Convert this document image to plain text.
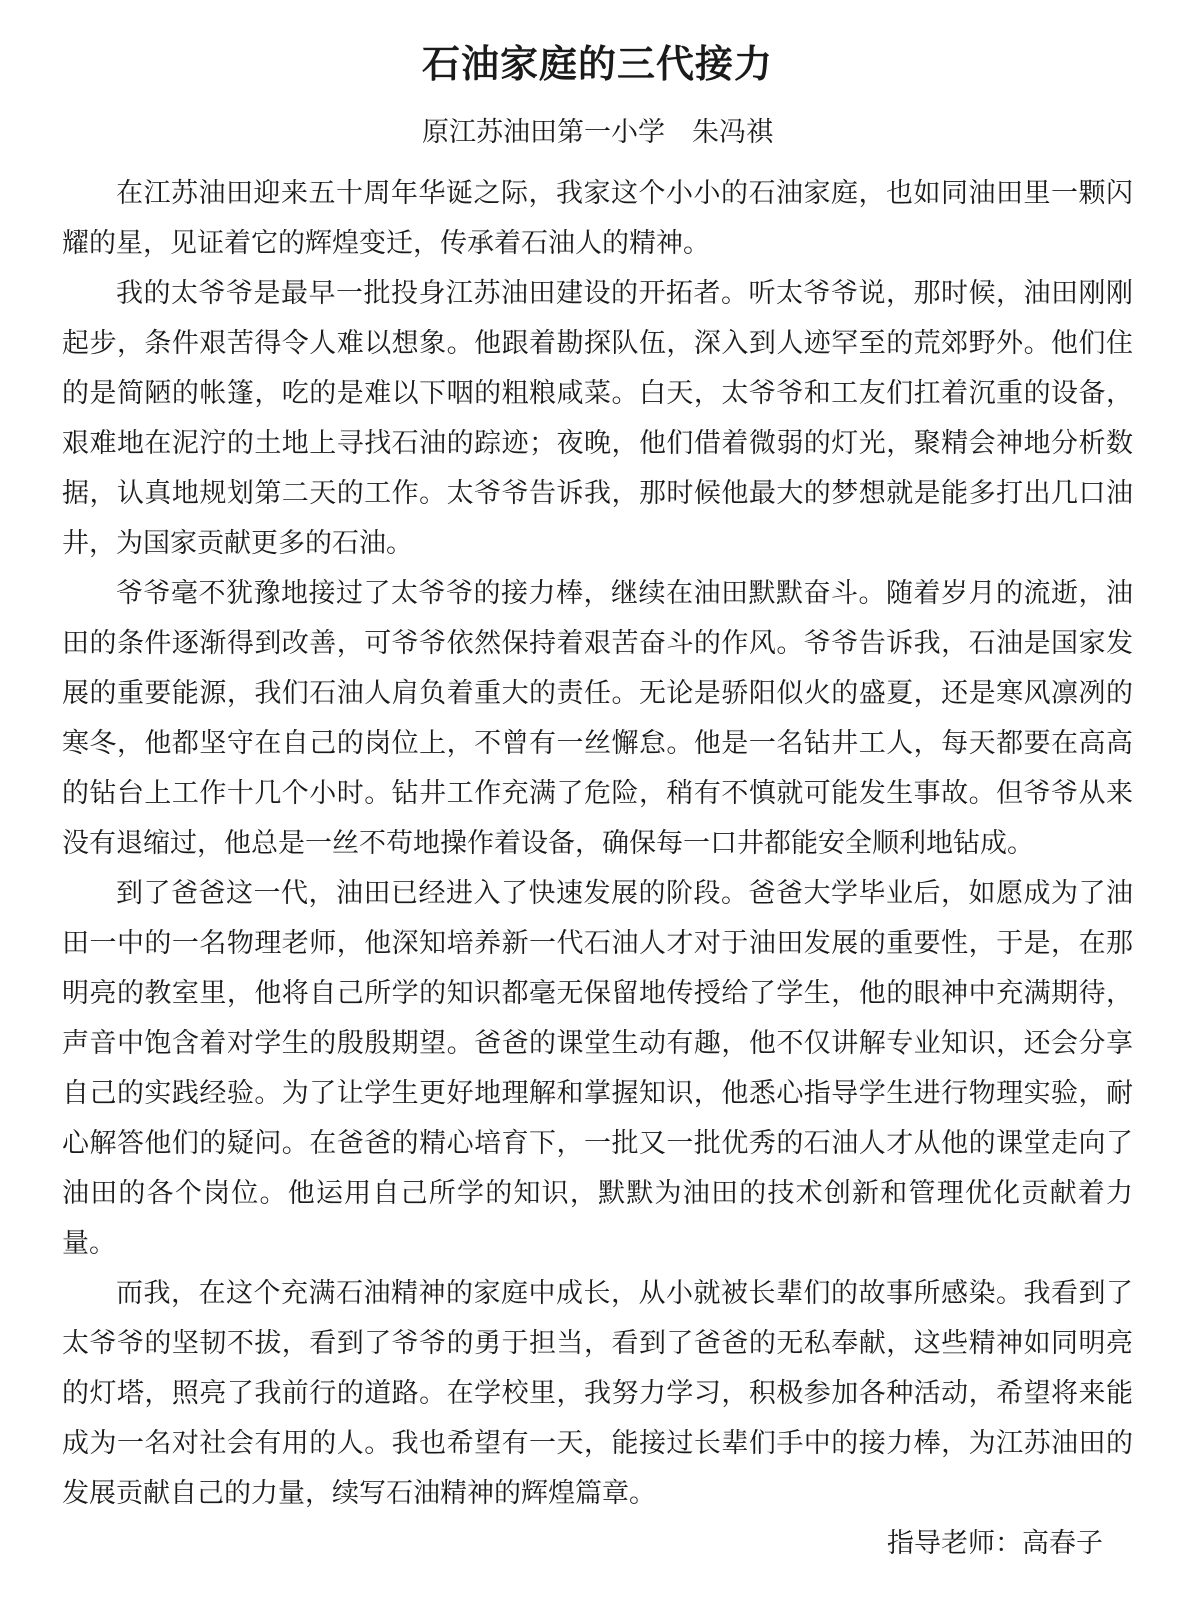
石油家庭的三代接力
原江苏油田第一小学　朱冯祺

在江苏油田迎来五十周年华诞之际，我家这个小小的石油家庭，也如同油田里一颗闪耀的星，见证着它的辉煌变迁，传承着石油人的精神。

我的太爷爷是最早一批投身江苏油田建设的开拓者。听太爷爷说，那时候，油田刚刚起步，条件艰苦得令人难以想象。他跟着勘探队伍，深入到人迹罕至的荒郊野外。他们住的是简陋的帐篷，吃的是难以下咽的粗粮咸菜。白天，太爷爷和工友们扛着沉重的设备，艰难地在泥泞的土地上寻找石油的踪迹；夜晚，他们借着微弱的灯光，聚精会神地分析数据，认真地规划第二天的工作。太爷爷告诉我，那时候他最大的梦想就是能多打出几口油井，为国家贡献更多的石油。

爷爷毫不犹豫地接过了太爷爷的接力棒，继续在油田默默奋斗。随着岁月的流逝，油田的条件逐渐得到改善，可爷爷依然保持着艰苦奋斗的作风。爷爷告诉我，石油是国家发展的重要能源，我们石油人肩负着重大的责任。无论是骄阳似火的盛夏，还是寒风凛冽的寒冬，他都坚守在自己的岗位上，不曾有一丝懈怠。他是一名钻井工人，每天都要在高高的钻台上工作十几个小时。钻井工作充满了危险，稍有不慎就可能发生事故。但爷爷从来没有退缩过，他总是一丝不苟地操作着设备，确保每一口井都能安全顺利地钻成。

到了爸爸这一代，油田已经进入了快速发展的阶段。爸爸大学毕业后，如愿成为了油田一中的一名物理老师，他深知培养新一代石油人才对于油田发展的重要性，于是，在那明亮的教室里，他将自己所学的知识都毫无保留地传授给了学生，他的眼神中充满期待，声音中饱含着对学生的殷殷期望。爸爸的课堂生动有趣，他不仅讲解专业知识，还会分享自己的实践经验。为了让学生更好地理解和掌握知识，他悉心指导学生进行物理实验，耐心解答他们的疑问。在爸爸的精心培育下，一批又一批优秀的石油人才从他的课堂走向了油田的各个岗位。他运用自己所学的知识，默默为油田的技术创新和管理优化贡献着力量。

而我，在这个充满石油精神的家庭中成长，从小就被长辈们的故事所感染。我看到了太爷爷的坚韧不拔，看到了爷爷的勇于担当，看到了爸爸的无私奉献，这些精神如同明亮的灯塔，照亮了我前行的道路。在学校里，我努力学习，积极参加各种活动，希望将来能成为一名对社会有用的人。我也希望有一天，能接过长辈们手中的接力棒，为江苏油田的发展贡献自己的力量，续写石油精神的辉煌篇章。

指导老师：高春子
